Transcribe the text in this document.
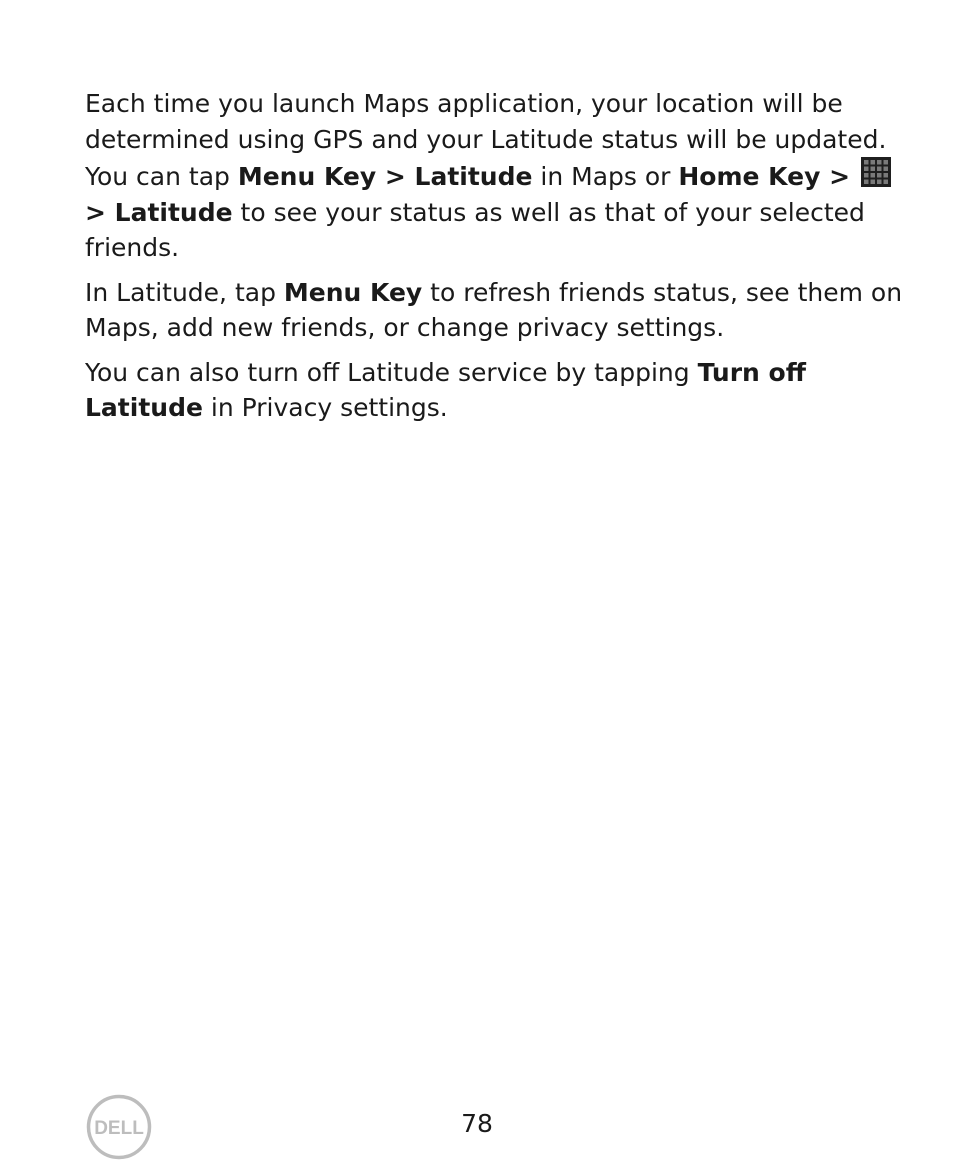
Each time you launch Maps application, your location will be determined using GPS and your Latitude status will be updated. You can tap Menu Key > Latitude in Maps or Home Key > > Latitude to see your status as well as that of your selected friends.

In Latitude, tap Menu Key to refresh friends status, see them on Maps, add new friends, or change privacy settings.

You can also turn off Latitude service by tapping Turn off Latitude in Privacy settings.

DELL	78
